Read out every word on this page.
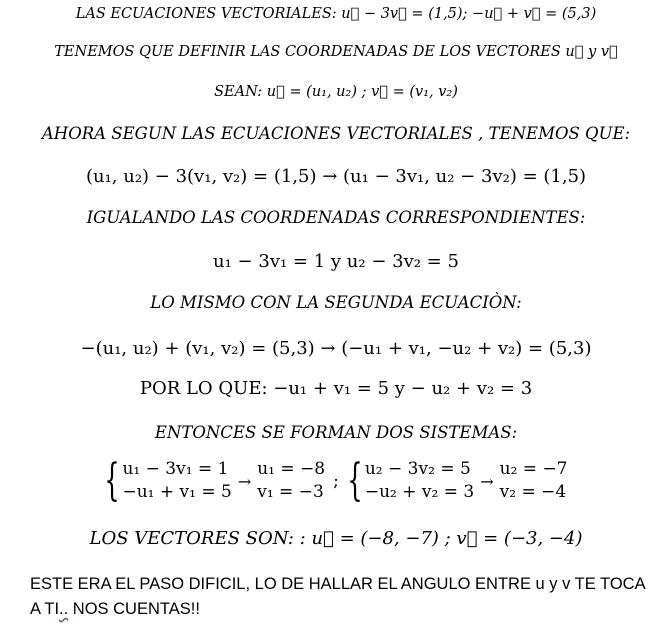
LAS ECUACIONES VECTORIALES: u⃗ − 3v⃗ = (1,5); −u⃗ + v⃗ = (5,3)
TENEMOS QUE DEFINIR LAS COORDENADAS DE LOS VECTORES u⃗ y v⃗
SEAN: u⃗ = (u₁, u₂) ; v⃗ = (v₁, v₂)
AHORA SEGUN LAS ECUACIONES VECTORIALES , TENEMOS QUE:
(u₁, u₂) − 3(v₁, v₂) = (1,5) → (u₁ − 3v₁, u₂ − 3v₂) = (1,5)
IGUALANDO LAS COORDENADAS CORRESPONDIENTES:
u₁ − 3v₁ = 1 y u₂ − 3v₂ = 5
LO MISMO CON LA SEGUNDA ECUACIÒN:
−(u₁, u₂) + (v₁, v₂) = (5,3) → (−u₁ + v₁, −u₂ + v₂) = (5,3)
POR LO QUE: −u₁ + v₁ = 5 y − u₂ + v₂ = 3
ENTONCES SE FORMAN DOS SISTEMAS:
{ u₁ − 3v₁ = 1
−u₁ + v₁ = 5
→
u₁ = −8
v₁ = −3
; { u₂ − 3v₂ = 5
−u₂ + v₂ = 3
→
u₂ = −7
v₂ = −4
LOS VECTORES SON: : u⃗ = (−8, −7) ; v⃗ = (−3, −4)
ESTE ERA EL PASO DIFICIL, LO DE HALLAR EL ANGULO ENTRE u y v TE TOCA A TI.. NOS CUENTAS!!
